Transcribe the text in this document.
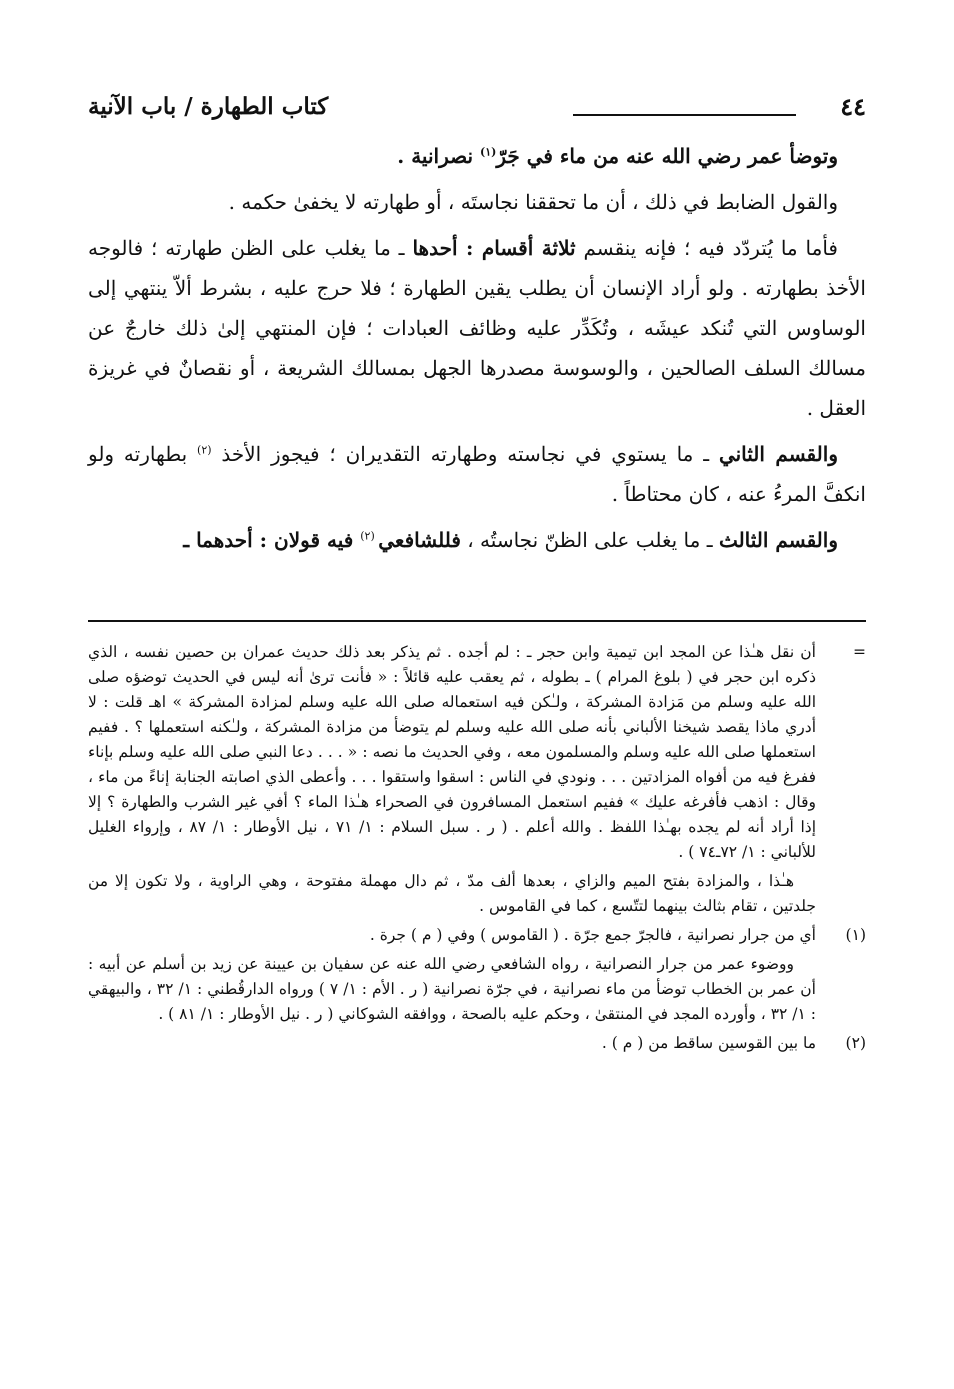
٤٤
كتاب الطهارة / باب الآنية

وتوضأ عمر رضي الله عنه من ماء في جَرّ$^{(١)}$ نصرانية .

والقول الضابط في ذلك ، أن ما تحققنا نجاستَه ، أو طهارته لا يخفىٰ حكمه .

فأما ما يُتردّد فيه ؛ فإنه ينقسم ثلاثة أقسام : أحدها ـ ما يغلب على الظن طهارته ؛ فالوجه الأخذ بطهارته . ولو أراد الإنسان أن يطلب يقين الطهارة ؛ فلا حرج عليه ، بشرط ألاّ ينتهي إلى الوساوس التي تُنكد عيشَه ، وتُكَدِّر عليه وظائف العبادات ؛ فإن المنتهي إلىٰ ذلك خارجٌ عن مسالك السلف الصالحين ، والوسوسة مصدرها الجهل بمسالك الشريعة ، أو نقصانٌ في غريزة العقل .

والقسم الثاني ـ ما يستوي في نجاسته وطهارته التقديران ؛ فيجوز الأخذ $^{(٢)}$ بطهارته ولو انكفَّ المرءُ عنه ، كان محتاطاً .

والقسم الثالث ـ ما يغلب على الظنّ نجاستُه ، فللشافعي $^{(٢)}$ فيه قولان : أحدهما ـ

=

أن نقل هـٰذا عن المجد ابن تيمية وابن حجر ـ : لم أجده . ثم يذكر بعد ذلك حديث عمران بن حصين نفسه ، الذي ذكره ابن حجر في ( بلوغ المرام ) ـ بطوله ، ثم يعقب عليه قائلاً : « فأنت ترىٰ أنه ليس في الحديث توضؤه صلى الله عليه وسلم من مَزادة المشركة ، ولـٰكن فيه استعماله صلى الله عليه وسلم لمزادة المشركة » اهـ قلت : لا أدري ماذا يقصد شيخنا الألباني بأنه صلى الله عليه وسلم لم يتوضأ من مزادة المشركة ، ولـٰكنه استعملها ؟ . ففيم استعملها صلى الله عليه وسلم والمسلمون معه ، وفي الحديث ما نصه : « . . . دعا النبي صلى الله عليه وسلم بإناء ففرغ فيه من أفواه المزادتين . . . ونودي في الناس : اسقوا واستقوا . . . وأعطى الذي اصابته الجنابة إناءً من ماء ، وقال : اذهب فأفرغه عليك » ففيم استعمل المسافرون في الصحراء هـٰذا الماء ؟ أفي غير الشرب والطهارة ؟ إلا إذا أراد أنه لم يجده بهـٰذا اللفظ . والله أعلم . ( ر . سبل السلام : ١/ ٧١ ، نيل الأوطار : ١/ ٨٧ ، وإرواء الغليل للألباني : ١/ ٧٢ـ٧٤ ) .

هـٰذا ، والمزادة بفتح الميم والزاي ، بعدها ألف مدّ ، ثم دال مهملة مفتوحة ، وهي الراوية ، ولا تكون إلا من جلدتين ، تقام بثالث بينهما لتتّسع ، كما في القاموس .

(١)

أي من جرار نصرانية ، فالجرّ جمع جرّة . ( القاموس ) وفي ( م ) جرة .

ووضوء عمر من جرار النصرانية ، رواه الشافعي رضي الله عنه عن سفيان بن عيينة عن زيد بن أسلم عن أبيه : أن عمر بن الخطاب توضأ من ماء نصرانية ، في جرّة نصرانية ( ر . الأم : ١/ ٧ ) ورواه الدارقُطني : ١/ ٣٢ ، والبيهقي : ١/ ٣٢ ، وأورده المجد في المنتقىٰ ، وحكم عليه بالصحة ، ووافقه الشوكاني ( ر . نيل الأوطار : ١/ ٨١ ) .

(٢)

ما بين القوسين ساقط من ( م ) .
